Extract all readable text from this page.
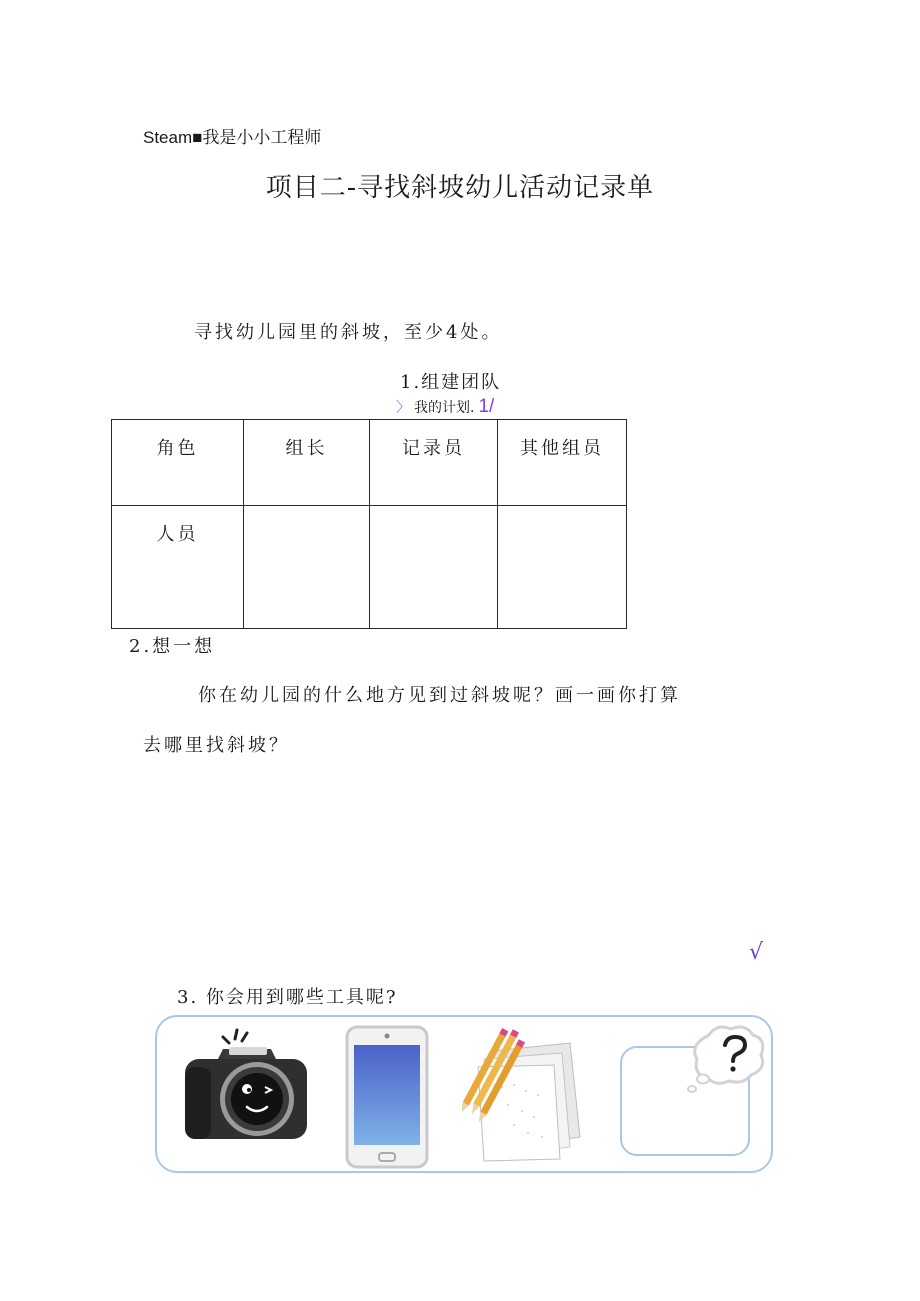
Steam■我是小小工程师
项目二-寻找斜坡幼儿活动记录单
寻找幼儿园里的斜坡，至少4处。
1.组建团队
〉 我的计划. 1/
角色	组长	记录员	其他组员
人员			
2.想一想
你在幼儿园的什么地方见到过斜坡呢？画一画你打算
去哪里找斜坡？
√
3. 你会用到哪些工具呢?
